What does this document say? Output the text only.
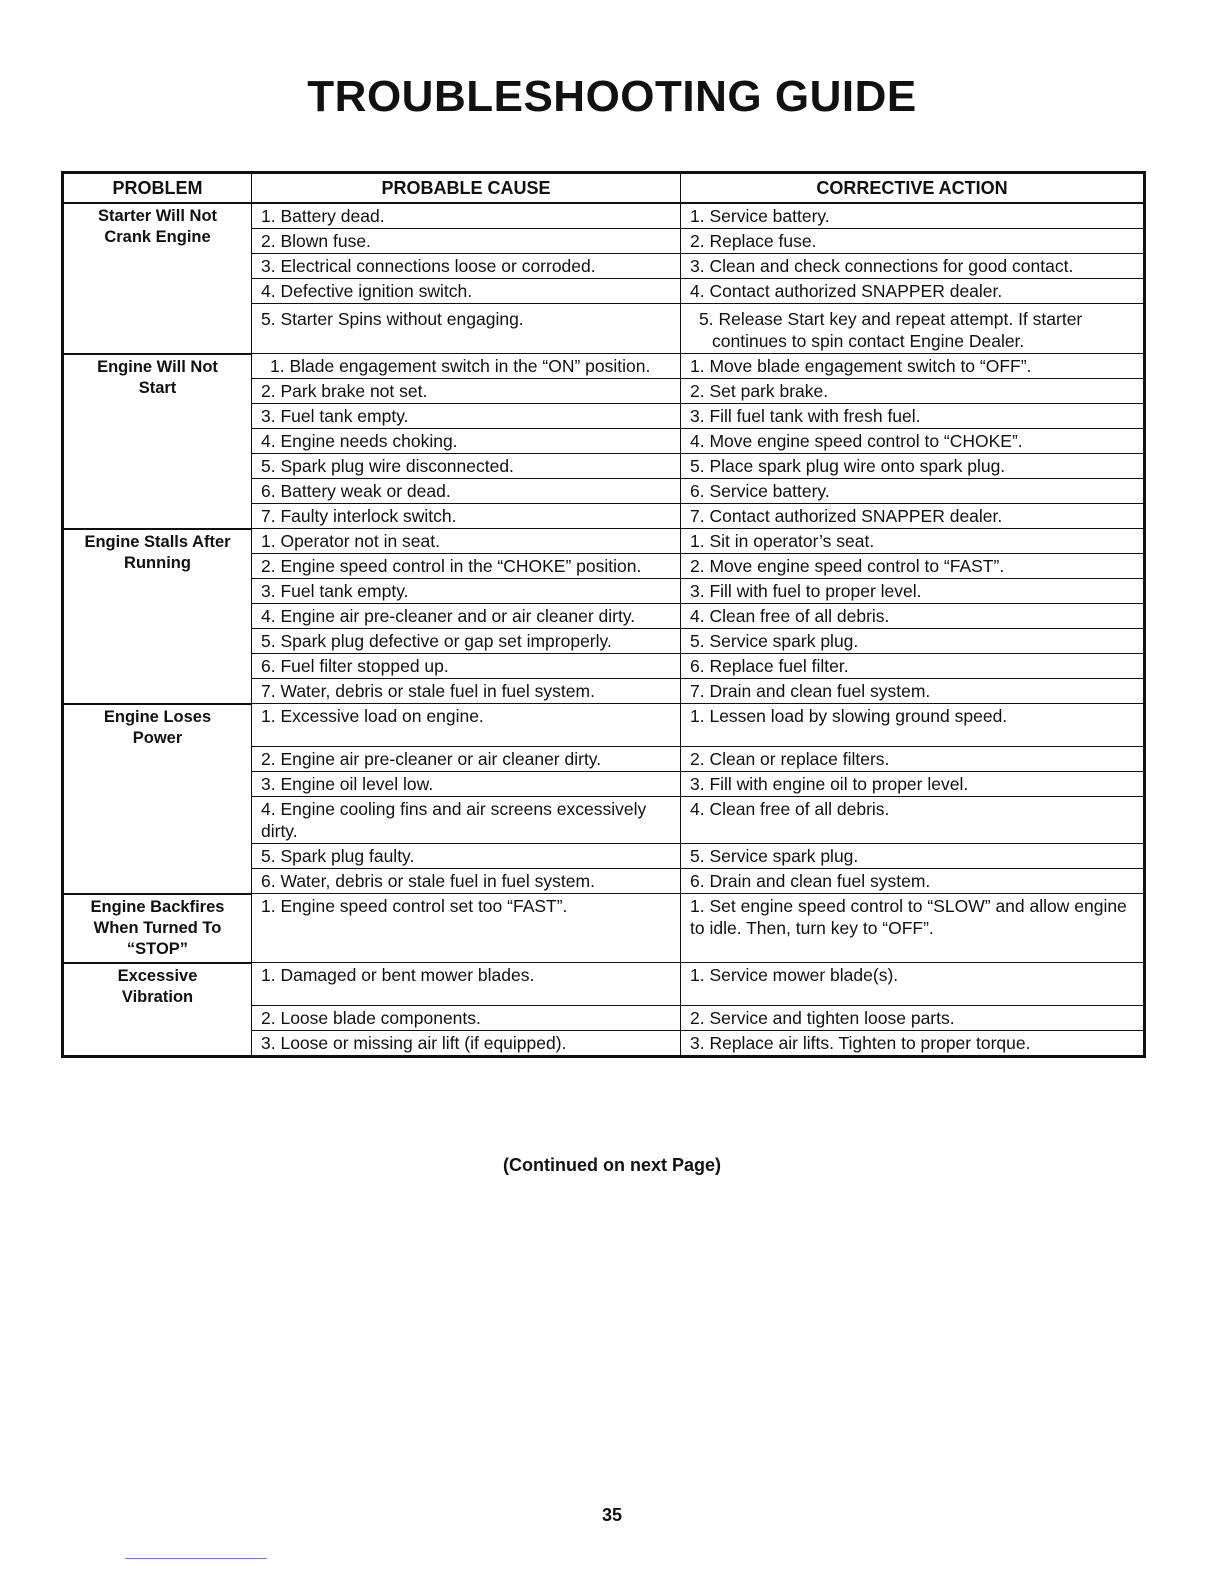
TROUBLESHOOTING GUIDE
PROBLEM	PROBABLE CAUSE	CORRECTIVE ACTION

Starter Will Not
Crank Engine	1. Battery dead.	1. Service battery.
	2. Blown fuse.	2. Replace fuse.
	3. Electrical connections loose or corroded.	3. Clean and check connections for good contact.
	4. Defective ignition switch.	4. Contact authorized SNAPPER dealer.
	5. Starter Spins without engaging.	5. Release Start key and repeat attempt. If starter continues to spin contact Engine Dealer.

Engine Will Not
Start	1. Blade engagement switch in the “ON” position.	1. Move blade engagement switch to “OFF”.
	2. Park brake not set.	2. Set park brake.
	3. Fuel tank empty.	3. Fill fuel tank with fresh fuel.
	4. Engine needs choking.	4. Move engine speed control to “CHOKE”.
	5. Spark plug wire disconnected.	5. Place spark plug wire onto spark plug.
	6. Battery weak or dead.	6. Service battery.
	7. Faulty interlock switch.	7. Contact authorized SNAPPER dealer.

Engine Stalls After
Running	1. Operator not in seat.	1. Sit in operator’s seat.
	2. Engine speed control in the “CHOKE” position.	2. Move engine speed control to “FAST”.
	3. Fuel tank empty.	3. Fill with fuel to proper level.
	4. Engine air pre-cleaner and or air cleaner dirty.	4. Clean free of all debris.
	5. Spark plug defective or gap set improperly.	5. Service spark plug.
	6. Fuel filter stopped up.	6. Replace fuel filter.
	7. Water, debris or stale fuel in fuel system.	7. Drain and clean fuel system.

Engine Loses
Power	1. Excessive load on engine.	1. Lessen load by slowing ground speed.
	2. Engine air pre-cleaner or air cleaner dirty.	2. Clean or replace filters.
	3. Engine oil level low.	3. Fill with engine oil to proper level.
	4. Engine cooling fins and air screens excessively dirty.	4. Clean free of all debris.
	5. Spark plug faulty.	5. Service spark plug.
	6. Water, debris or stale fuel in fuel system.	6. Drain and clean fuel system.

Engine Backfires
When Turned To
“STOP”	1. Engine speed control set too “FAST”.	1. Set engine speed control to “SLOW” and allow engine to idle. Then, turn key to “OFF”.

Excessive
Vibration	1. Damaged or bent mower blades.	1. Service mower blade(s).
	2. Loose blade components.	2. Service and tighten loose parts.
	3. Loose or missing air lift (if equipped).	3. Replace air lifts. Tighten to proper torque.
(Continued on next Page)
35
